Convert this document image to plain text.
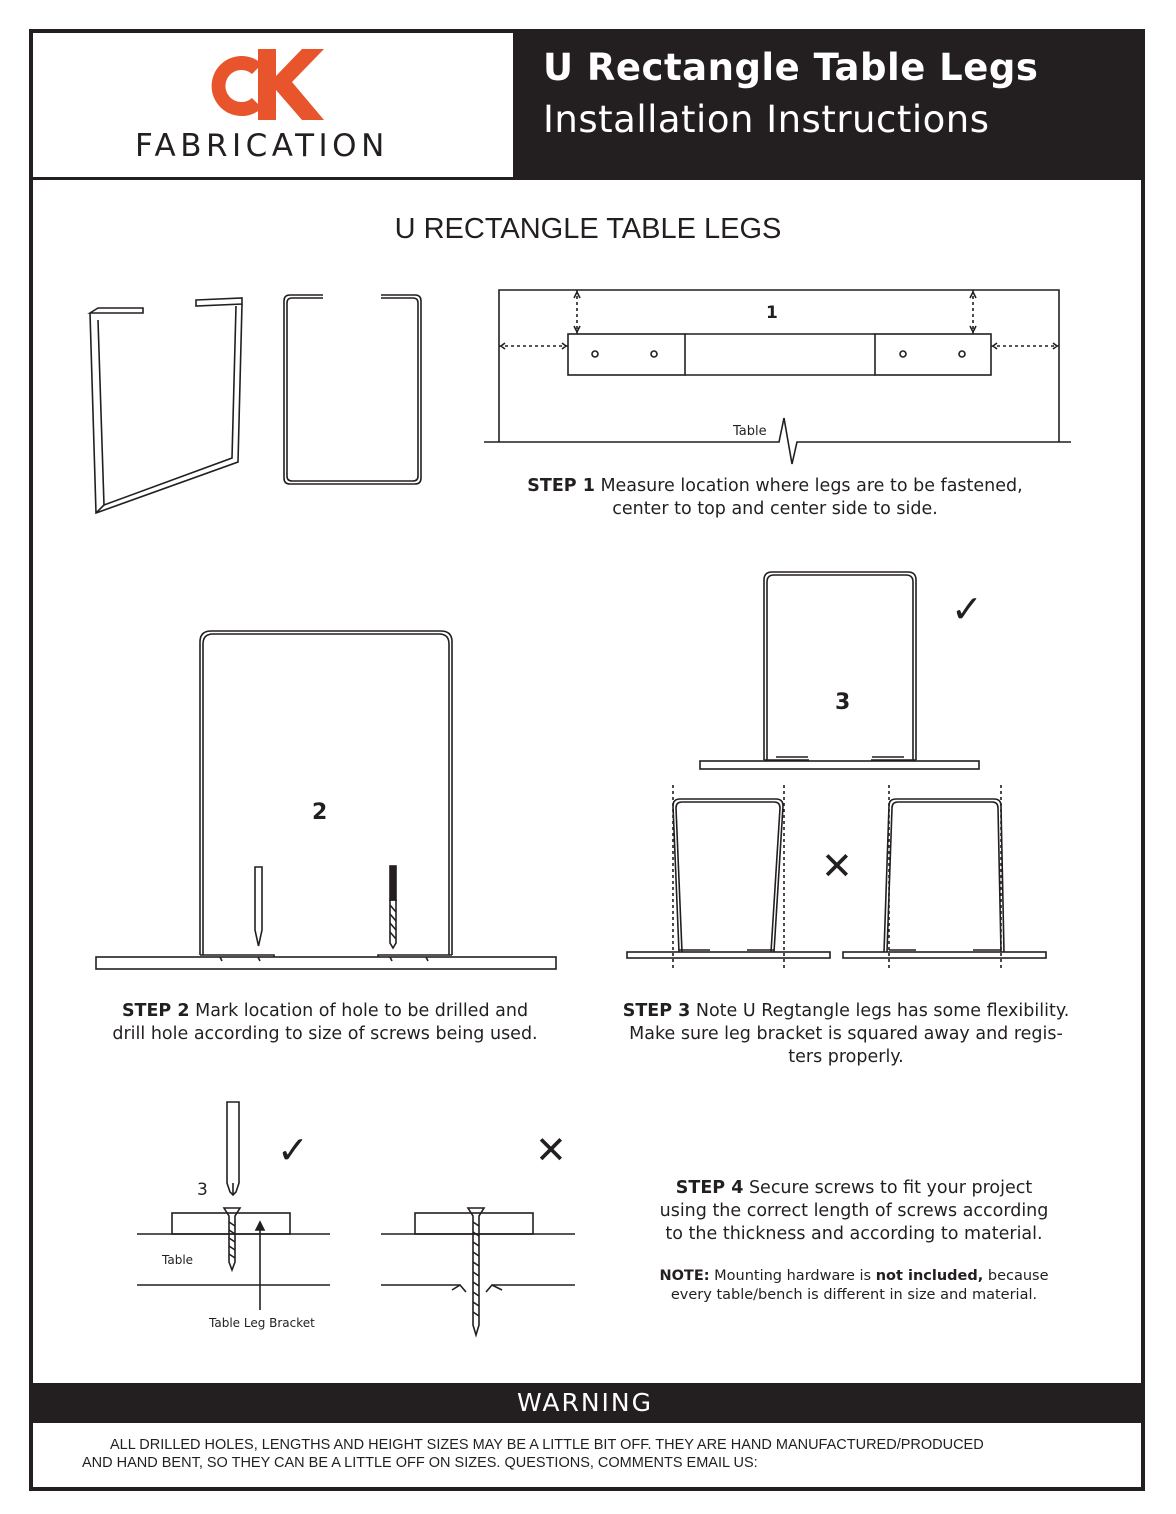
FABRICATION
U Rectangle Table Legs
Installation Instructions
U RECTANGLE TABLE LEGS
1
Table
STEP 1 Measure location where legs are to be fastened,
center to top and center side to side.
2
STEP 2 Mark location of hole to be drilled and
drill hole according to size of screws being used.
3
✓
✕
STEP 3 Note U Regtangle legs has some flexibility.
Make sure leg bracket is squared away and regis-
ters properly.
3
✓	✕
Table
Table Leg Bracket
STEP 4 Secure screws to fit your project
using the correct length of screws according
to the thickness and according to material.
NOTE: Mounting hardware is not included, because
every table/bench is different in size and material.
WARNING
ALL DRILLED HOLES, LENGTHS AND HEIGHT SIZES MAY BE A LITTLE BIT OFF. THEY ARE HAND MANUFACTURED/PRODUCED
AND HAND BENT, SO THEY CAN BE A LITTLE OFF ON SIZES. QUESTIONS, COMMENTS EMAIL US:
